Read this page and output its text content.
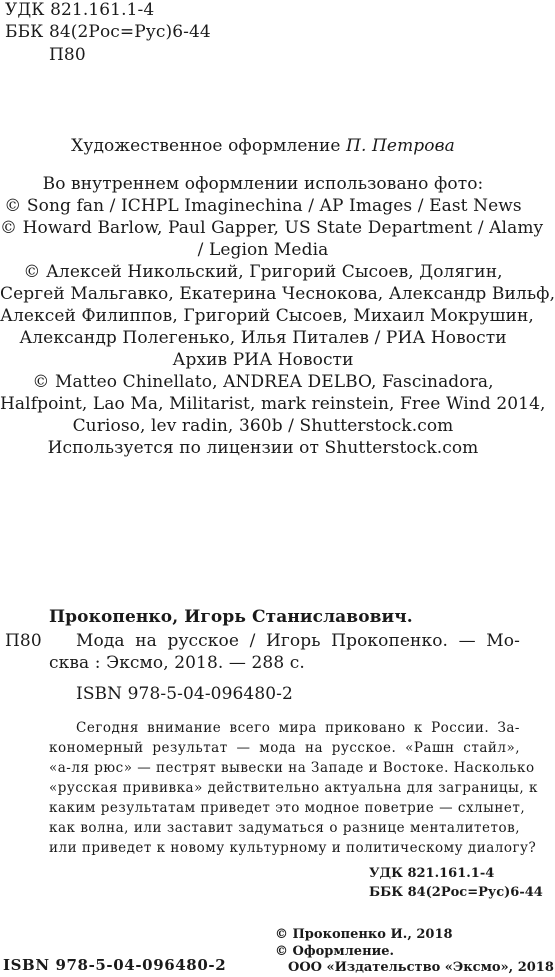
УДК 821.161.1-4
ББК 84(2Рос=Рус)6-44
П80
Художественное оформление П. Петрова
Во внутреннем оформлении использовано фото:
© Song fan / ICHPL Imaginechina / AP Images / East News
© Howard Barlow, Paul Gapper, US State Department / Alamy
/ Legion Media
© Алексей Никольский, Григорий Сысоев, Долягин,
Сергей Мальгавко, Екатерина Чеснокова, Александр Вильф,
Алексей Филиппов, Григорий Сысоев, Михаил Мокрушин,
Александр Полегенько, Илья Питалев / РИА Новости
Архив РИА Новости
© Matteo Chinellato, ANDREA DELBO, Fascinadora,
Halfpoint, Lao Ma, Militarist, mark reinstein, Free Wind 2014,
Curioso, lev radin, 360b / Shutterstock.com
Используется по лицензии от Shutterstock.com
Прокопенко, Игорь Станиславович.
П80 Мода на русское / Игорь Прокопенко. — Мо-
сква : Эксмо, 2018. — 288 с.
ISBN 978-5-04-096480-2
Сегодня внимание всего мира приковано к России. За-
кономерный результат — мода на русское. «Рашн стайл»,
«а-ля рюс» — пестрят вывески на Западе и Востоке. Насколько
«русская прививка» действительно актуальна для заграницы, к
каким результатам приведет это модное поветрие — схлынет,
как волна, или заставит задуматься о разнице менталитетов,
или приведет к новому культурному и политическому диалогу?
УДК 821.161.1-4
ББК 84(2Рос=Рус)6-44
© Прокопенко И., 2018
© Оформление.
ISBN 978-5-04-096480-2	ООО «Издательство «Эксмо», 2018
